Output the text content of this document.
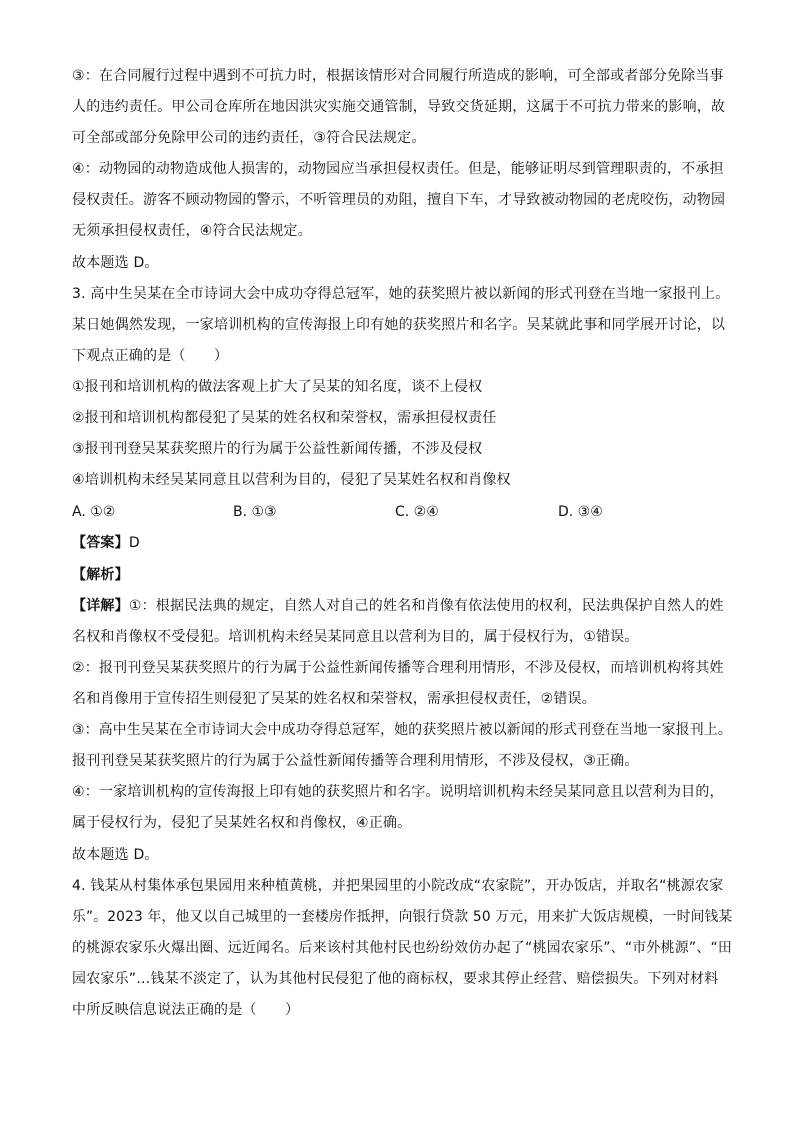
③：在合同履行过程中遇到不可抗力时，根据该情形对合同履行所造成的影响，可全部或者部分免除当事
人的违约责任。甲公司仓库所在地因洪灾实施交通管制，导致交货延期，这属于不可抗力带来的影响，故
可全部或部分免除甲公司的违约责任，③符合民法规定。
④：动物园的动物造成他人损害的，动物园应当承担侵权责任。但是，能够证明尽到管理职责的，不承担
侵权责任。游客不顾动物园的警示，不听管理员的劝阻，擅自下车，才导致被动物园的老虎咬伤，动物园
无须承担侵权责任，④符合民法规定。
故本题选 D。
3. 高中生吴某在全市诗词大会中成功夺得总冠军，她的获奖照片被以新闻的形式刊登在当地一家报刊上。
某日她偶然发现，一家培训机构的宣传海报上印有她的获奖照片和名字。吴某就此事和同学展开讨论，以
下观点正确的是（　　）
①报刊和培训机构的做法客观上扩大了吴某的知名度，谈不上侵权
②报刊和培训机构都侵犯了吴某的姓名权和荣誉权，需承担侵权责任
③报刊刊登吴某获奖照片的行为属于公益性新闻传播，不涉及侵权
④培训机构未经吴某同意且以营利为目的，侵犯了吴某姓名权和肖像权
A. ①②	B. ①③	C. ②④	D. ③④
【答案】D
【解析】
【详解】①：根据民法典的规定，自然人对自己的姓名和肖像有依法使用的权利，民法典保护自然人的姓
名权和肖像权不受侵犯。培训机构未经吴某同意且以营利为目的，属于侵权行为，①错误。
②：报刊刊登吴某获奖照片的行为属于公益性新闻传播等合理利用情形，不涉及侵权，而培训机构将其姓
名和肖像用于宣传招生则侵犯了吴某的姓名权和荣誉权，需承担侵权责任，②错误。
③：高中生吴某在全市诗词大会中成功夺得总冠军，她的获奖照片被以新闻的形式刊登在当地一家报刊上。
报刊刊登吴某获奖照片的行为属于公益性新闻传播等合理利用情形，不涉及侵权，③正确。
④：一家培训机构的宣传海报上印有她的获奖照片和名字。说明培训机构未经吴某同意且以营利为目的，
属于侵权行为，侵犯了吴某姓名权和肖像权，④正确。
故本题选 D。
4. 钱某从村集体承包果园用来种植黄桃，并把果园里的小院改成“农家院”，开办饭店，并取名“桃源农家
乐”。2023 年，他又以自己城里的一套楼房作抵押，向银行贷款 50 万元，用来扩大饭店规模，一时间钱某
的桃源农家乐火爆出圈、远近闻名。后来该村其他村民也纷纷效仿办起了“桃园农家乐”、“市外桃源”、“田
园农家乐”…钱某不淡定了，认为其他村民侵犯了他的商标权，要求其停止经营、赔偿损失。下列对材料
中所反映信息说法正确的是（　　）
